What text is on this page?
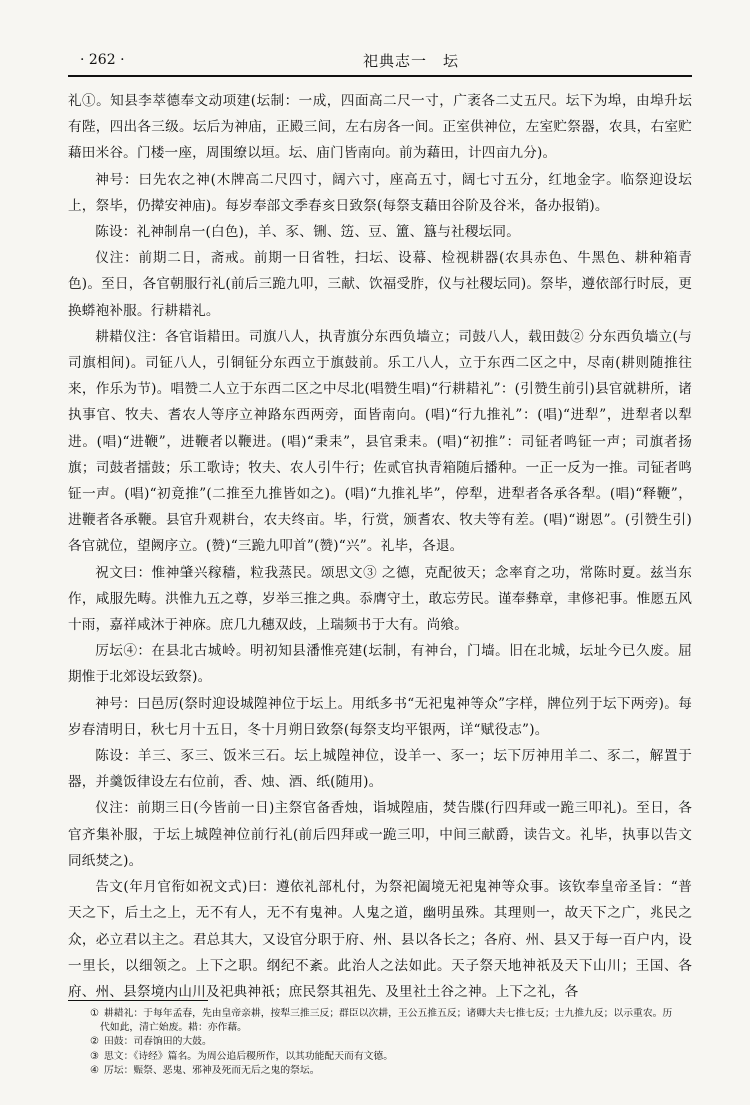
· 262 ·	祀典志一　坛

礼①。知县李萃德奉文动项建(坛制：一成，四面高二尺一寸，广袤各二丈五尺。坛下为埠，由埠升坛有陛，四出各三级。坛后为神庙，正殿三间，左右房各一间。正室供神位，左室贮祭器，农具，右室贮藉田米谷。门楼一座，周围缭以垣。坛、庙门皆南向。前为藉田，计四亩九分)。

神号：曰先农之神(木牌高二尺四寸，阔六寸，座高五寸，阔七寸五分，红地金字。临祭迎设坛上，祭毕，仍撵安神庙)。每岁奉部文季春亥日致祭(每祭支藉田谷阶及谷米，备办报销)。

陈设：礼神制帛一(白色)，羊、豕、铏、笾、豆、簠、簋与社稷坛同。

仪注：前期二日，斋戒。前期一日省牲，扫坛、设幕、检视耕器(农具赤色、牛黑色、耕种箱青色)。至日，各官朝服行礼(前后三跪九叩，三献、饮福受胙，仪与社稷坛同)。祭毕，遵依部行时辰，更换蟒袍补服。行耕耤礼。

耕耤仪注：各官诣耤田。司旗八人，执青旗分东西负墙立；司鼓八人，载田鼓② 分东西负墙立(与司旗相间)。司钲八人，引铜钲分东西立于旗鼓前。乐工八人，立于东西二区之中，尽南(耕则随推往来，作乐为节)。唱赞二人立于东西二区之中尽北(唱赞生唱)“行耕耤礼”：(引赞生前引)县官就耕所，诸执事官、牧夫、耆农人等序立神路东西两旁，面皆南向。(唱)“行九推礼”：(唱)“进犁”，进犁者以犁进。(唱)“进鞭”，进鞭者以鞭进。(唱)“秉耒”，县官秉耒。(唱)“初推”：司钲者鸣钲一声；司旗者扬旗；司鼓者擂鼓；乐工歌诗；牧夫、农人引牛行；佐贰官执青箱随后播种。一正一反为一推。司钲者鸣钲一声。(唱)“初竟推”(二推至九推皆如之)。(唱)“九推礼毕”，停犁，进犁者各承各犁。(唱)“释鞭”，进鞭者各承鞭。县官升观耕台，农夫终亩。毕，行赏，颁耆农、牧夫等有差。(唱)“谢恩”。(引赞生引)各官就位，望阙序立。(赞)“三跪九叩首”(赞)“兴”。礼毕，各退。

祝文曰：惟神肇兴稼穑，粒我蒸民。颂思文③ 之德，克配彼天；念率育之功，常陈时夏。兹当东作，咸服先畴。洪惟九五之尊，岁举三推之典。忝膺守土，敢忘劳民。谨奉彝章，聿修祀事。惟愿五风十雨，嘉祥咸沐于神庥。庶几九穗双歧，上瑞频书于大有。尚飨。

厉坛④：在县北古城岭。明初知县潘惟亮建(坛制，有神台，门墙。旧在北城，坛址今已久废。屈期惟于北郊设坛致祭)。

神号：曰邑厉(祭时迎设城隍神位于坛上。用纸多书“无祀鬼神等众”字样，牌位列于坛下两旁)。每岁春清明日，秋七月十五日，冬十月朔日致祭(每祭支均平银两，详“赋役志”)。

陈设：羊三、豕三、饭米三石。坛上城隍神位，设羊一、豕一；坛下厉神用羊二、豕二，解置于器，并羹饭律设左右位前，香、烛、酒、纸(随用)。

仪注：前期三日(今皆前一日)主祭官备香烛，诣城隍庙，焚告牒(行四拜或一跪三叩礼)。至日，各官齐集补服，于坛上城隍神位前行礼(前后四拜或一跪三叩，中间三献爵，读告文。礼毕，执事以告文同纸焚之)。

告文(年月官衔如祝文式)曰：遵依礼部札付，为祭祀阖境无祀鬼神等众事。该钦奉皇帝圣旨：“普天之下，后土之上，无不有人，无不有鬼神。人鬼之道，幽明虽殊。其理则一，故天下之广，兆民之众，必立君以主之。君总其大，又设官分职于府、州、县以各长之；各府、州、县又于每一百户内，设一里长，以细领之。上下之职。纲纪不紊。此治人之法如此。天子祭天地神祇及天下山川；王国、各府、州、县祭境内山川及祀典神祇；庶民祭其祖先、及里社土谷之神。上下之礼，各

① 耕耤礼：于每年孟春，先由皇帝亲耕，按犁三推三反；群臣以次耕，王公五推五反；诸卿大夫七推七反；士九推九反；以示重农。历代如此，清亡始废。耤：亦作藉。

② 田鼓：司春饷田的大鼓。

③ 思文：《诗经》篇名。为周公追后稷所作，以其功能配天而有文德。

④ 厉坛：赈祭、恶鬼、邪神及死而无后之鬼的祭坛。
